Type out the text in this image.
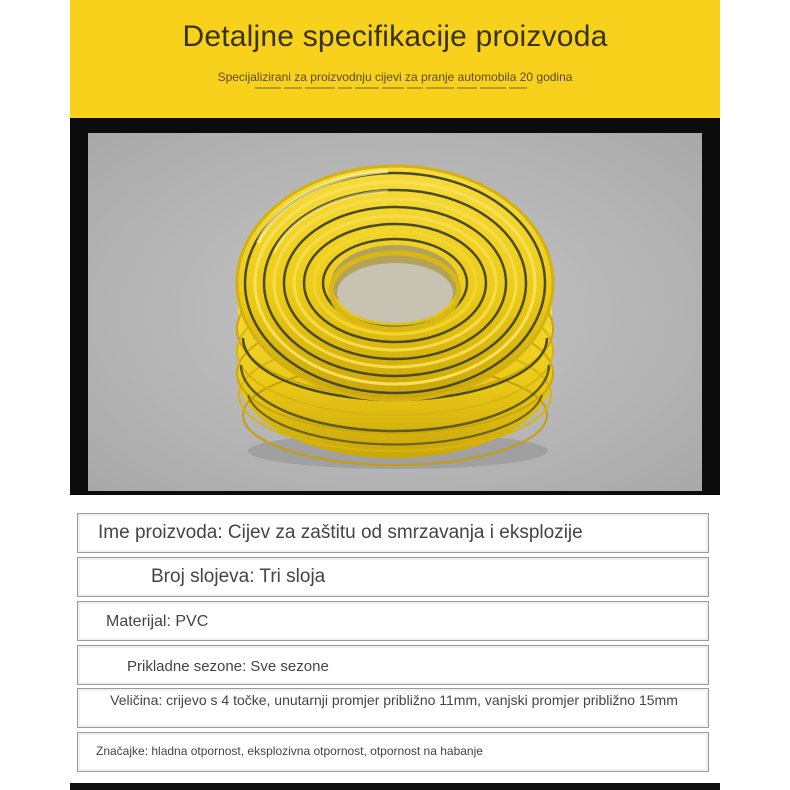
Detaljne specifikacije proizvoda
Specijalizirani za proizvodnju cijevi za pranje automobila 20 godina
Ime proizvoda: Cijev za zaštitu od smrzavanja i eksplozije
Broj slojeva: Tri sloja
Materijal: PVC
Prikladne sezone: Sve sezone
Veličina: crijevo s 4 točke, unutarnji promjer približno 11mm, vanjski promjer približno 15mm
Značajke: hladna otpornost, eksplozivna otpornost, otpornost na habanje
